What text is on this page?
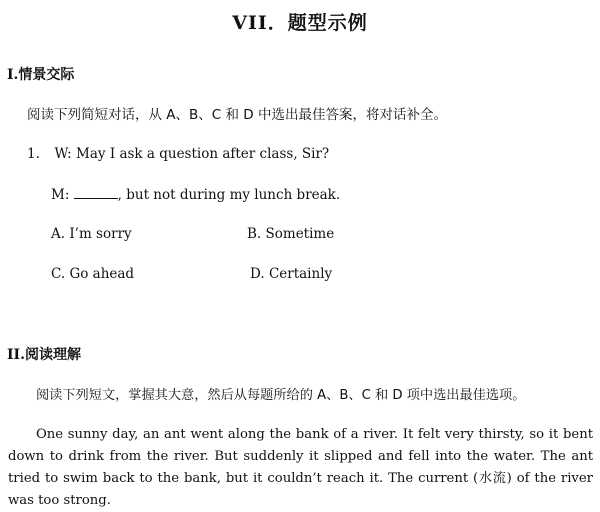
VII．题型示例
I.情景交际
阅读下列简短对话，从 A、B、C 和 D 中选出最佳答案，将对话补全。
1. W: May I ask a question after class, Sir?
M:	, but not during my lunch break.
A. I’m sorry	B. Sometime
C. Go ahead	D. Certainly
II.阅读理解
阅读下列短文，掌握其大意，然后从每题所给的 A、B、C 和 D 项中选出最佳选项。
One sunny day, an ant went along the bank of a river. It felt very thirsty, so it bent down to drink from the river. But suddenly it slipped and fell into the water. The ant tried to swim back to the bank, but it couldn’t reach it. The current (水流) of the river was too strong.
